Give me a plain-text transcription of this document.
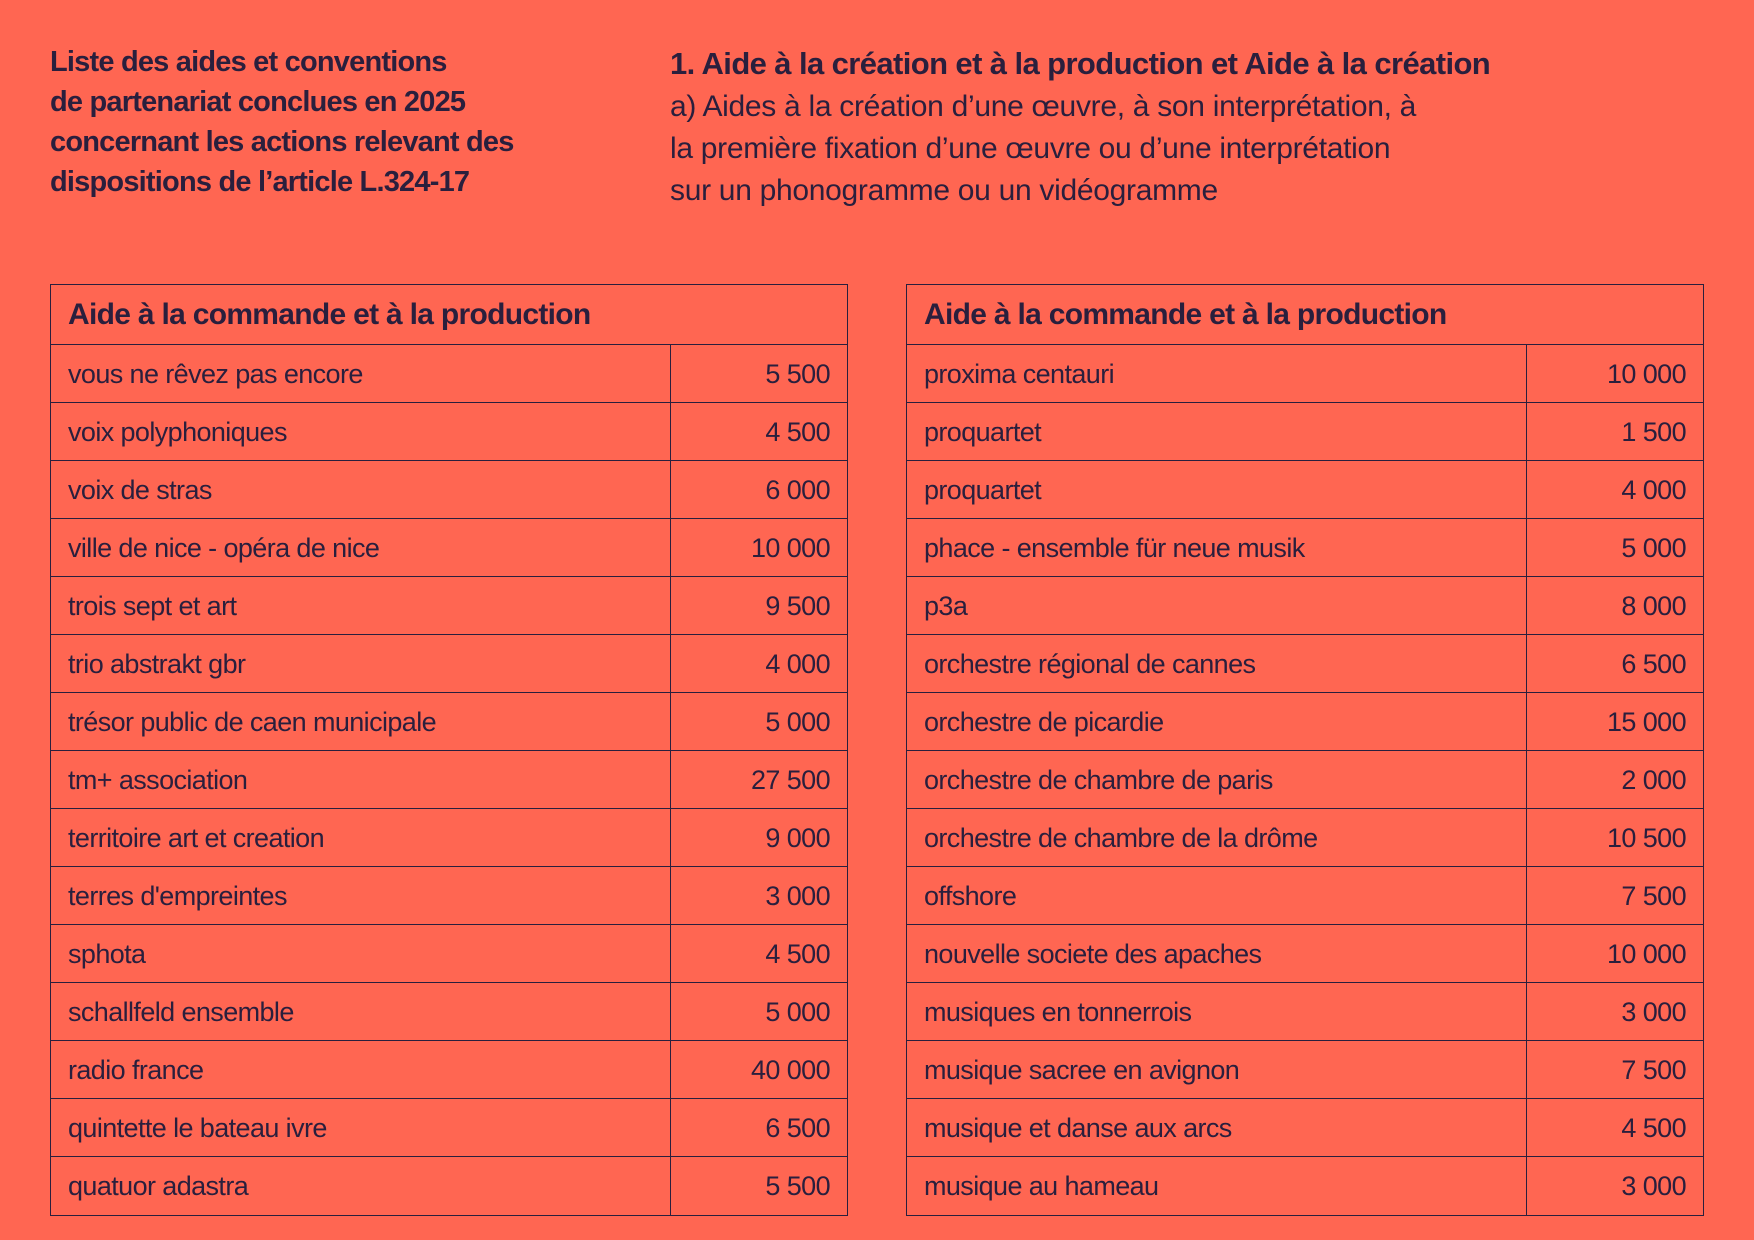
Liste des aides et conventions
de partenariat conclues en 2025
concernant les actions relevant des
dispositions de l’article L.324-17
1. Aide à la création et à la production et Aide à la création

a) Aides à la création d’une œuvre, à son interprétation, à
la première fixation d’une œuvre ou d’une interprétation
sur un phonogramme ou un vidéogramme

Aide à la commande et à la production
vous ne rêvez pas encore	5 500
voix polyphoniques	4 500
voix de stras	6 000
ville de nice - opéra de nice	10 000
trois sept et art	9 500
trio abstrakt gbr	4 000
trésor public de caen municipale	5 000
tm+ association	27 500
territoire art et creation	9 000
terres d'empreintes	3 000
sphota	4 500
schallfeld ensemble	5 000
radio france	40 000
quintette le bateau ivre	6 500
quatuor adastra	5 500
Aide à la commande et à la production
proxima centauri	10 000
proquartet	1 500
proquartet	4 000
phace - ensemble für neue musik	5 000
p3a	8 000
orchestre régional de cannes	6 500
orchestre de picardie	15 000
orchestre de chambre de paris	2 000
orchestre de chambre de la drôme	10 500
offshore	7 500
nouvelle societe des apaches	10 000
musiques en tonnerrois	3 000
musique sacree en avignon	7 500
musique et danse aux arcs	4 500
musique au hameau	3 000
